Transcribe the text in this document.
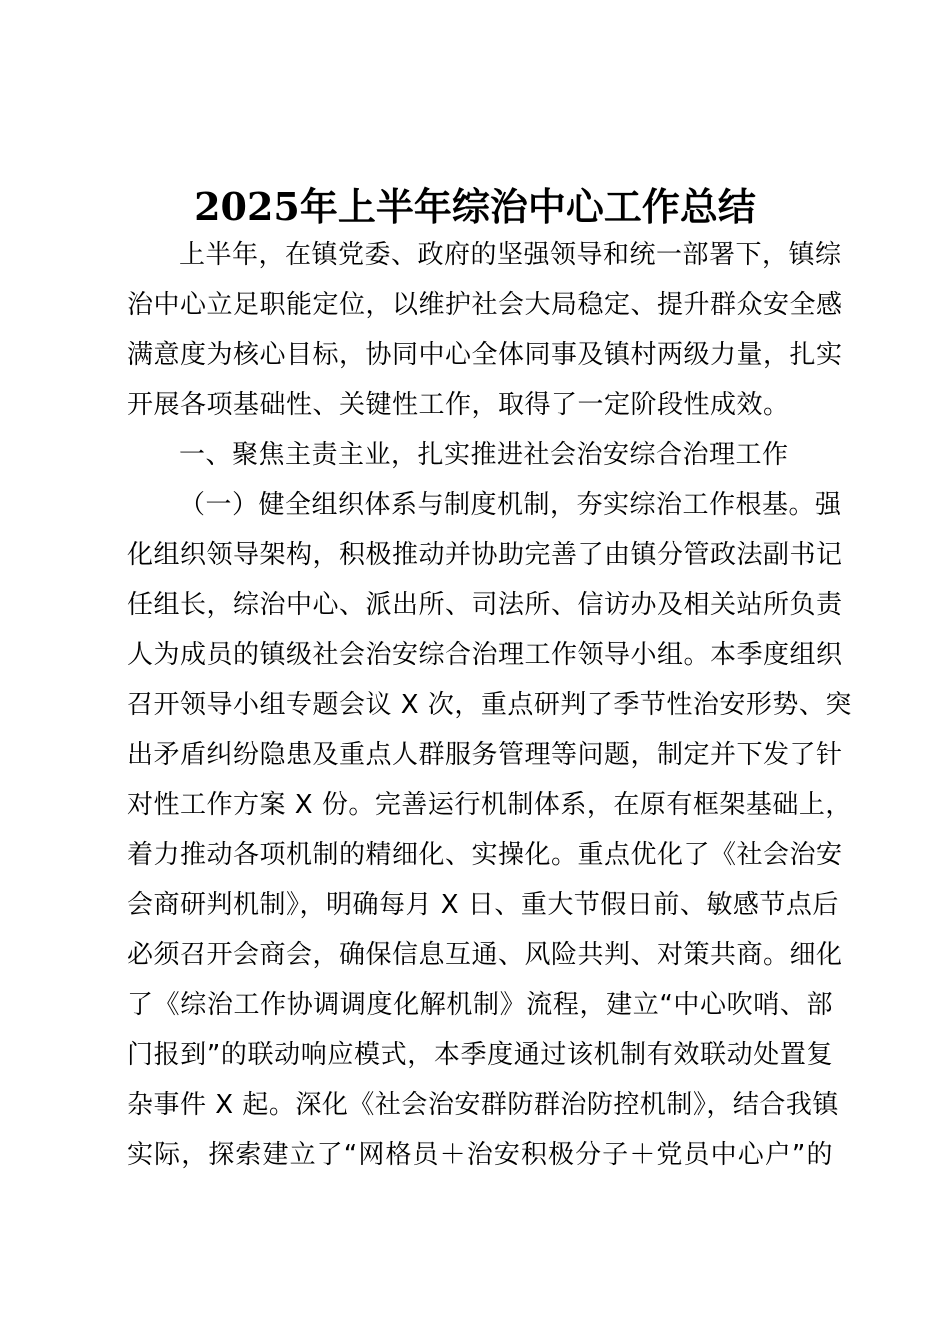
2025年上半年综治中心工作总结
上半年，在镇党委、政府的坚强领导和统一部署下，镇综
治中心立足职能定位，以维护社会大局稳定、提升群众安全感
满意度为核心目标，协同中心全体同事及镇村两级力量，扎实
开展各项基础性、关键性工作，取得了一定阶段性成效。
一、聚焦主责主业，扎实推进社会治安综合治理工作
（一）健全组织体系与制度机制，夯实综治工作根基。强
化组织领导架构，积极推动并协助完善了由镇分管政法副书记
任组长，综治中心、派出所、司法所、信访办及相关站所负责
人为成员的镇级社会治安综合治理工作领导小组。本季度组织
召开领导小组专题会议 X 次，重点研判了季节性治安形势、突
出矛盾纠纷隐患及重点人群服务管理等问题，制定并下发了针
对性工作方案 X 份。完善运行机制体系，在原有框架基础上，
着力推动各项机制的精细化、实操化。重点优化了《社会治安
会商研判机制》，明确每月 X 日、重大节假日前、敏感节点后
必须召开会商会，确保信息互通、风险共判、对策共商。细化
了《综治工作协调调度化解机制》流程，建立“中心吹哨、部
门报到”的联动响应模式，本季度通过该机制有效联动处置复
杂事件 X 起。深化《社会治安群防群治防控机制》，结合我镇
实际，探索建立了“网格员＋治安积极分子＋党员中心户”的
